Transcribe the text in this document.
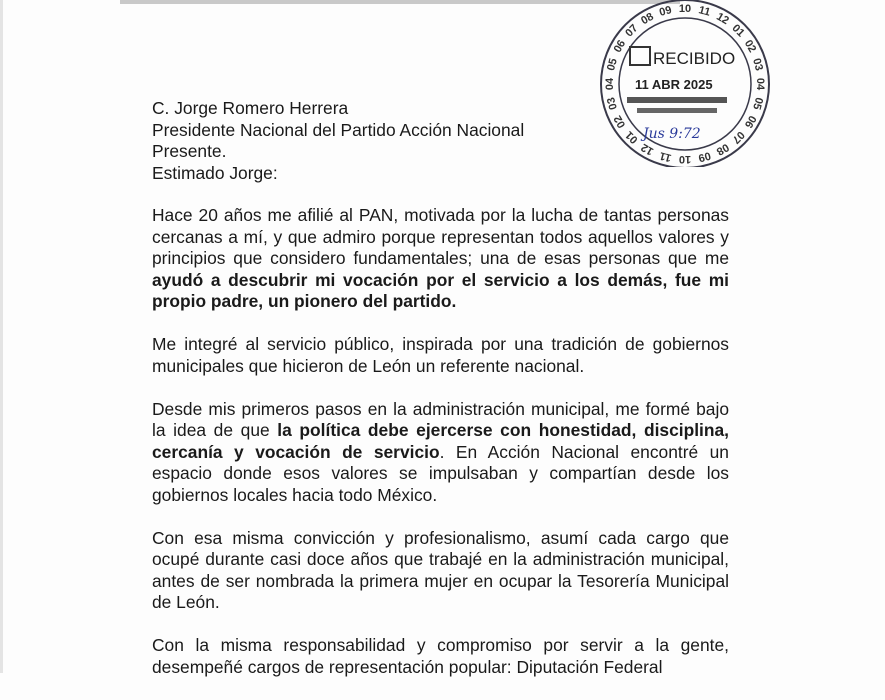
10 11 12
01
02
03
04
05
06
07
08
09
10
11
12
01
02
03
04
05
06
07
08 09
RECIBIDO
11 ABR 2025
Jus 9:72
C. Jorge Romero Herrera
Presidente Nacional del Partido Acción Nacional
Presente.
Estimado Jorge:

Hace 20 años me afilié al PAN, motivada por la lucha de tantas personas cercanas a mí, y que admiro porque representan todos aquellos valores y principios que considero fundamentales; una de esas personas que me ayudó a descubrir mi vocación por el servicio a los demás, fue mi propio padre, un pionero del partido.

Me integré al servicio público, inspirada por una tradición de gobiernos municipales que hicieron de León un referente nacional.

Desde mis primeros pasos en la administración municipal, me formé bajo la idea de que la política debe ejercerse con honestidad, disciplina, cercanía y vocación de servicio. En Acción Nacional encontré un espacio donde esos valores se impulsaban y compartían desde los gobiernos locales hacia todo México.

Con esa misma convicción y profesionalismo, asumí cada cargo que ocupé durante casi doce años que trabajé en la administración municipal, antes de ser nombrada la primera mujer en ocupar la Tesorería Municipal de León.

Con la misma responsabilidad y compromiso por servir a la gente, desempeñé cargos de representación popular: Diputación Federal
